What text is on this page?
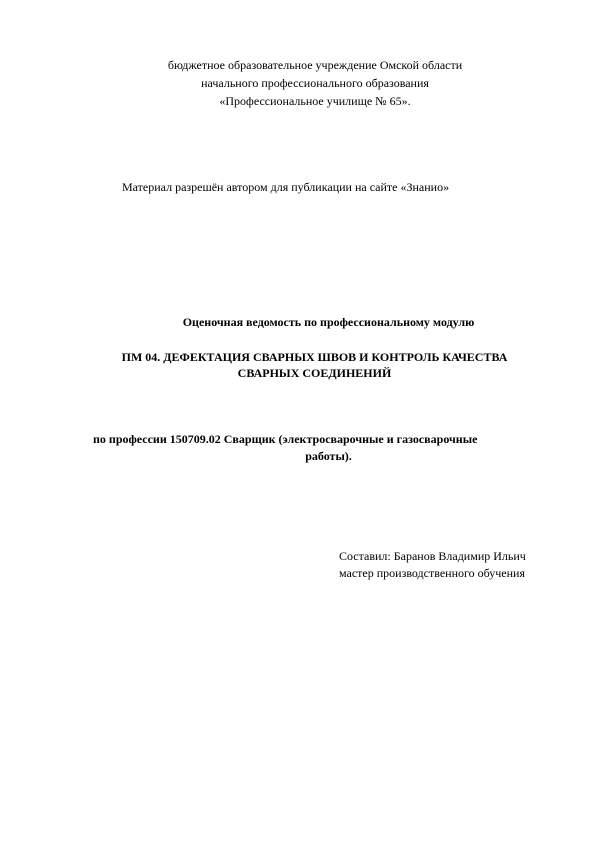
бюджетное образовательное учреждение Омской области
начального профессионального образования
«Профессиональное училище № 65».
Материал разрешён автором для публикации на сайте «Знанио»
Оценочная ведомость по профессиональному модулю
ПМ 04. ДЕФЕКТАЦИЯ СВАРНЫХ ШВОВ И КОНТРОЛЬ КАЧЕСТВА
СВАРНЫХ СОЕДИНЕНИЙ
по профессии 150709.02 Сварщик (электросварочные и газосварочные
работы).
Составил: Баранов Владимир Ильич
мастер производственного обучения
